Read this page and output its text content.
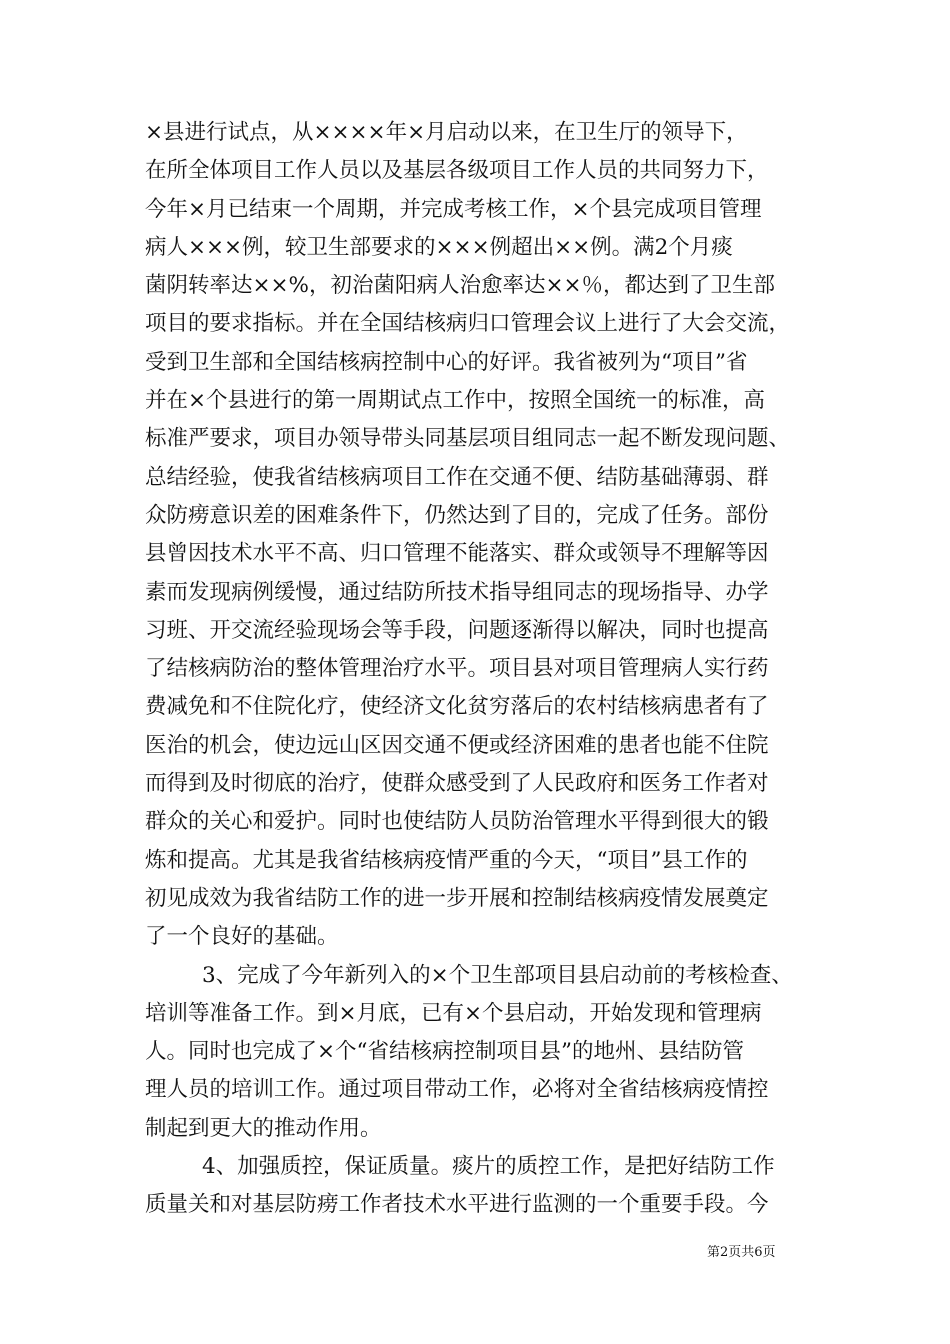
×县进行试点，从××××年×月启动以来，在卫生厅的领导下，
在所全体项目工作人员以及基层各级项目工作人员的共同努力下，
今年×月已结束一个周期，并完成考核工作，×个县完成项目管理
病人×××例，较卫生部要求的×××例超出××例。满2个月痰
菌阴转率达××%，初治菌阳病人治愈率达××％，都达到了卫生部
项目的要求指标。并在全国结核病归口管理会议上进行了大会交流，
受到卫生部和全国结核病控制中心的好评。我省被列为“项目”省
并在×个县进行的第一周期试点工作中，按照全国统一的标准，高
标准严要求，项目办领导带头同基层项目组同志一起不断发现问题、
总结经验，使我省结核病项目工作在交通不便、结防基础薄弱、群
众防痨意识差的困难条件下，仍然达到了目的，完成了任务。部份
县曾因技术水平不高、归口管理不能落实、群众或领导不理解等因
素而发现病例缓慢，通过结防所技术指导组同志的现场指导、办学
习班、开交流经验现场会等手段，问题逐渐得以解决，同时也提高
了结核病防治的整体管理治疗水平。项目县对项目管理病人实行药
费减免和不住院化疗，使经济文化贫穷落后的农村结核病患者有了
医治的机会，使边远山区因交通不便或经济困难的患者也能不住院
而得到及时彻底的治疗，使群众感受到了人民政府和医务工作者对
群众的关心和爱护。同时也使结防人员防治管理水平得到很大的锻
炼和提高。尤其是我省结核病疫情严重的今天，“项目”县工作的
初见成效为我省结防工作的进一步开展和控制结核病疫情发展奠定
了一个良好的基础。
3、完成了今年新列入的×个卫生部项目县启动前的考核检查、
培训等准备工作。到×月底，已有×个县启动，开始发现和管理病
人。同时也完成了×个“省结核病控制项目县”的地州、县结防管
理人员的培训工作。通过项目带动工作，必将对全省结核病疫情控
制起到更大的推动作用。
4、加强质控，保证质量。痰片的质控工作，是把好结防工作
质量关和对基层防痨工作者技术水平进行监测的一个重要手段。今
第2页共6页
